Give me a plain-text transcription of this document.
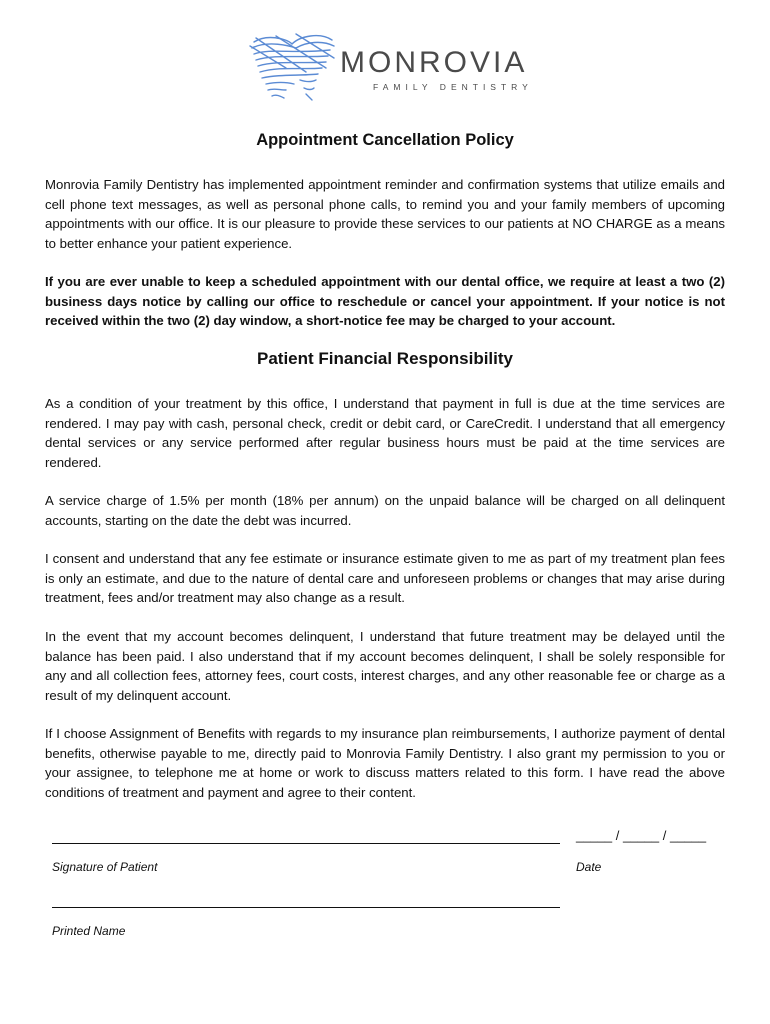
MONROVIA
FAMILY DENTISTRY
Appointment Cancellation Policy

Monrovia Family Dentistry has implemented appointment reminder and confirmation systems that utilize emails and cell phone text messages, as well as personal phone calls, to remind you and your family members of upcoming appointments with our office. It is our pleasure to provide these services to our patients at NO CHARGE as a means to better enhance your patient experience.

If you are ever unable to keep a scheduled appointment with our dental office, we require at least a two (2) business days notice by calling our office to reschedule or cancel your appointment. If your notice is not received within the two (2) day window, a short-notice fee may be charged to your account.

Patient Financial Responsibility

As a condition of your treatment by this office, I understand that payment in full is due at the time services are rendered. I may pay with cash, personal check, credit or debit card, or CareCredit. I understand that all emergency dental services or any service performed after regular business hours must be paid at the time services are rendered.

A service charge of 1.5% per month (18% per annum) on the unpaid balance will be charged on all delinquent accounts, starting on the date the debt was incurred.

I consent and understand that any fee estimate or insurance estimate given to me as part of my treatment plan fees is only an estimate, and due to the nature of dental care and unforeseen problems or changes that may arise during treatment, fees and/or treatment may also change as a result.

In the event that my account becomes delinquent, I understand that future treatment may be delayed until the balance has been paid. I also understand that if my account becomes delinquent, I shall be solely responsible for any and all collection fees, attorney fees, court costs, interest charges, and any other reasonable fee or charge as a result of my delinquent account.

If I choose Assignment of Benefits with regards to my insurance plan reimbursements, I authorize payment of dental benefits, otherwise payable to me, directly paid to Monrovia Family Dentistry. I also grant my permission to you or your assignee, to telephone me at home or work to discuss matters related to this form. I have read the above conditions of treatment and payment and agree to their content.

_____ / _____ / _____
Signature of Patient	Date
Printed Name
